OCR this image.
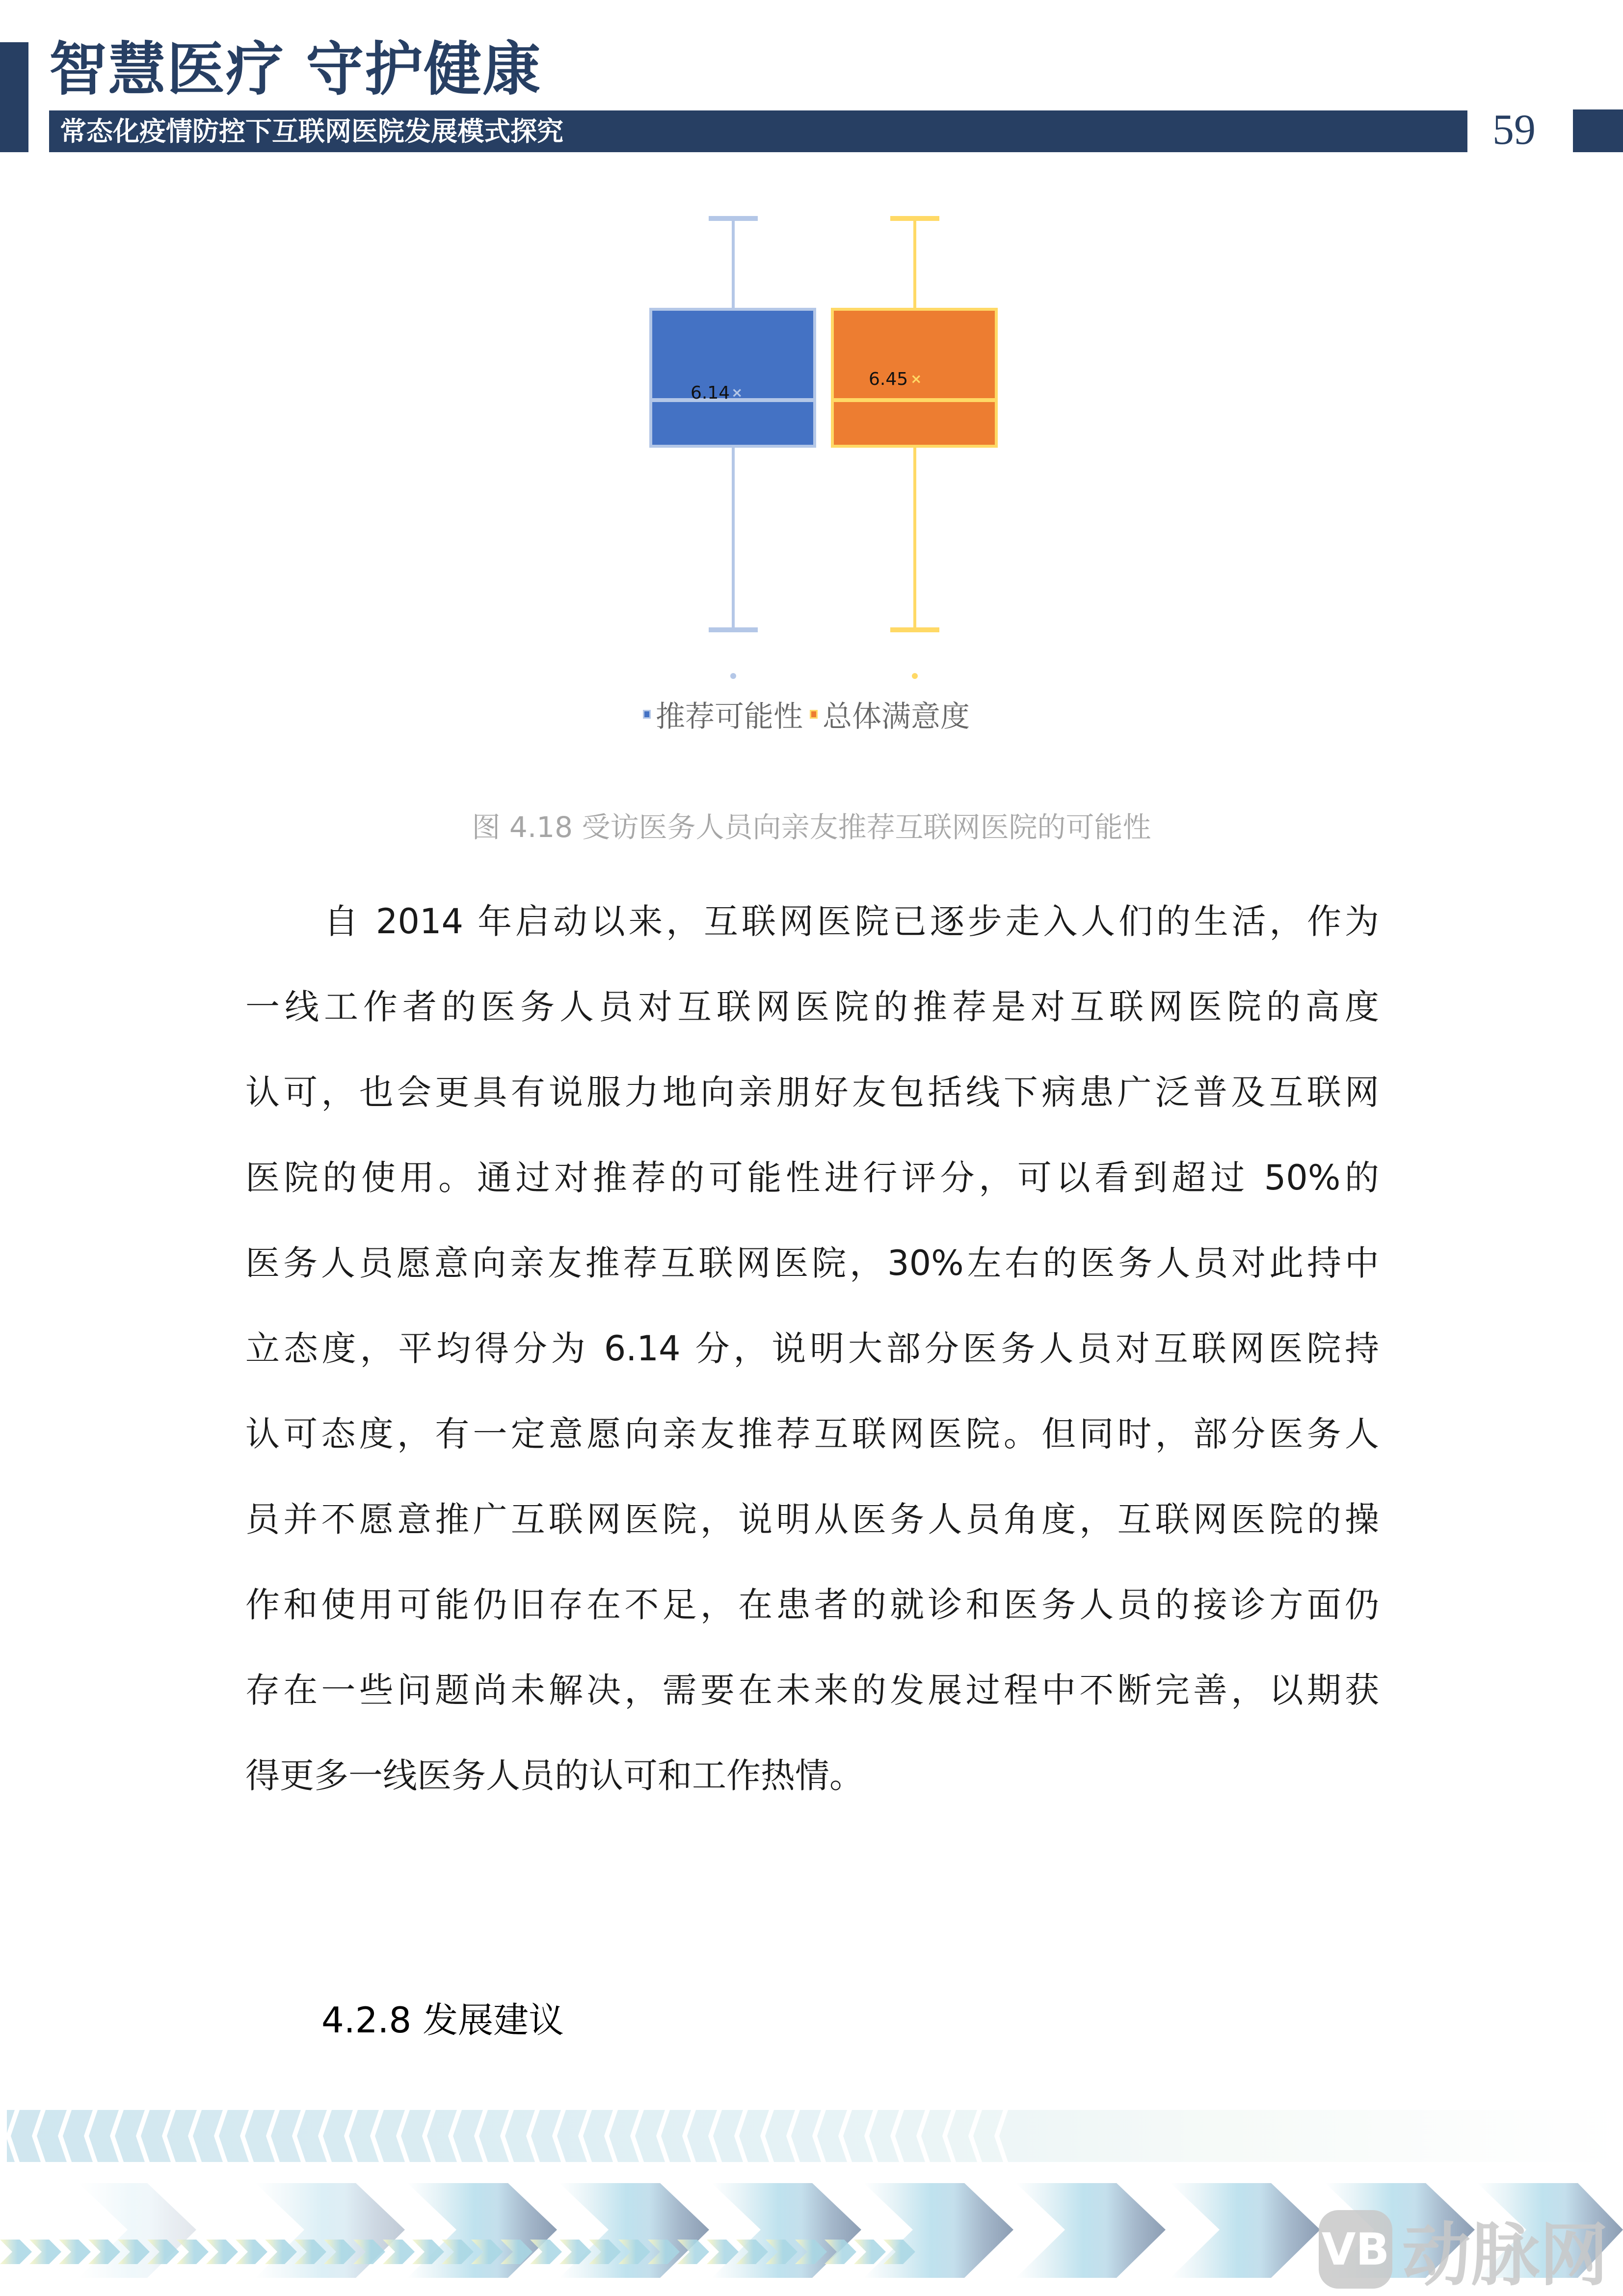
智慧医疗 守护健康
常态化疫情防控下互联网医院发展模式探究	59
6.14 ×
6.45 ×
推荐可能性 总体满意度
图 4.18 受访医务人员向亲友推荐互联网医院的可能性
自 2014 年启动以来，互联网医院已逐步走入人们的生活，作为
一线工作者的医务人员对互联网医院的推荐是对互联网医院的高度
认可，也会更具有说服力地向亲朋好友包括线下病患广泛普及互联网
医院的使用。通过对推荐的可能性进行评分，可以看到超过 50%的
医务人员愿意向亲友推荐互联网医院，30%左右的医务人员对此持中
立态度，平均得分为 6.14 分，说明大部分医务人员对互联网医院持
认可态度，有一定意愿向亲友推荐互联网医院。但同时，部分医务人
员并不愿意推广互联网医院，说明从医务人员角度，互联网医院的操
作和使用可能仍旧存在不足，在患者的就诊和医务人员的接诊方面仍
存在一些问题尚未解决，需要在未来的发展过程中不断完善，以期获
得更多一线医务人员的认可和工作热情。
4.2.8 发展建议
VB 动脉网
